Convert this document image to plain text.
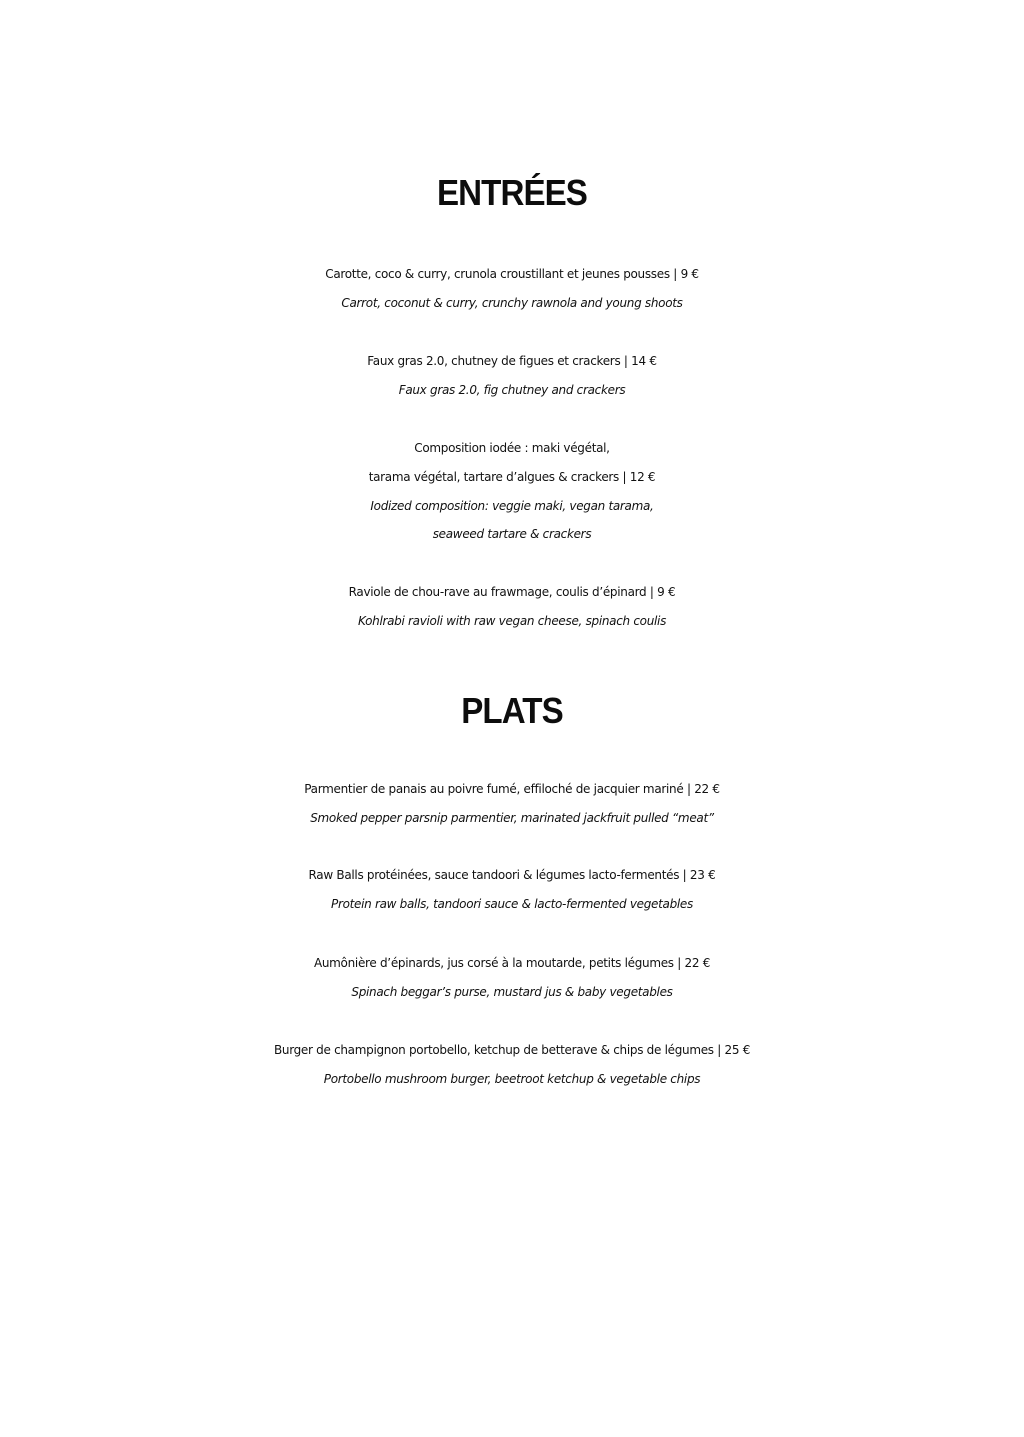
ENTRÉES
Carotte, coco & curry, crunola croustillant et jeunes pousses | 9 €
Carrot, coconut & curry, crunchy rawnola and young shoots
Faux gras 2.0, chutney de figues et crackers | 14 €
Faux gras 2.0, fig chutney and crackers
Composition iodée : maki végétal,
tarama végétal, tartare d’algues & crackers | 12 €
Iodized composition: veggie maki, vegan tarama,
seaweed tartare & crackers
Raviole de chou-rave au frawmage, coulis d’épinard | 9 €
Kohlrabi ravioli with raw vegan cheese, spinach coulis
PLATS
Parmentier de panais au poivre fumé, effiloché de jacquier mariné | 22 €
Smoked pepper parsnip parmentier, marinated jackfruit pulled “meat”
Raw Balls protéinées, sauce tandoori & légumes lacto-fermentés | 23 €
Protein raw balls, tandoori sauce & lacto-fermented vegetables
Aumônière d’épinards, jus corsé à la moutarde, petits légumes | 22 €
Spinach beggar’s purse, mustard jus & baby vegetables
Burger de champignon portobello, ketchup de betterave & chips de légumes | 25 €
Portobello mushroom burger, beetroot ketchup & vegetable chips
